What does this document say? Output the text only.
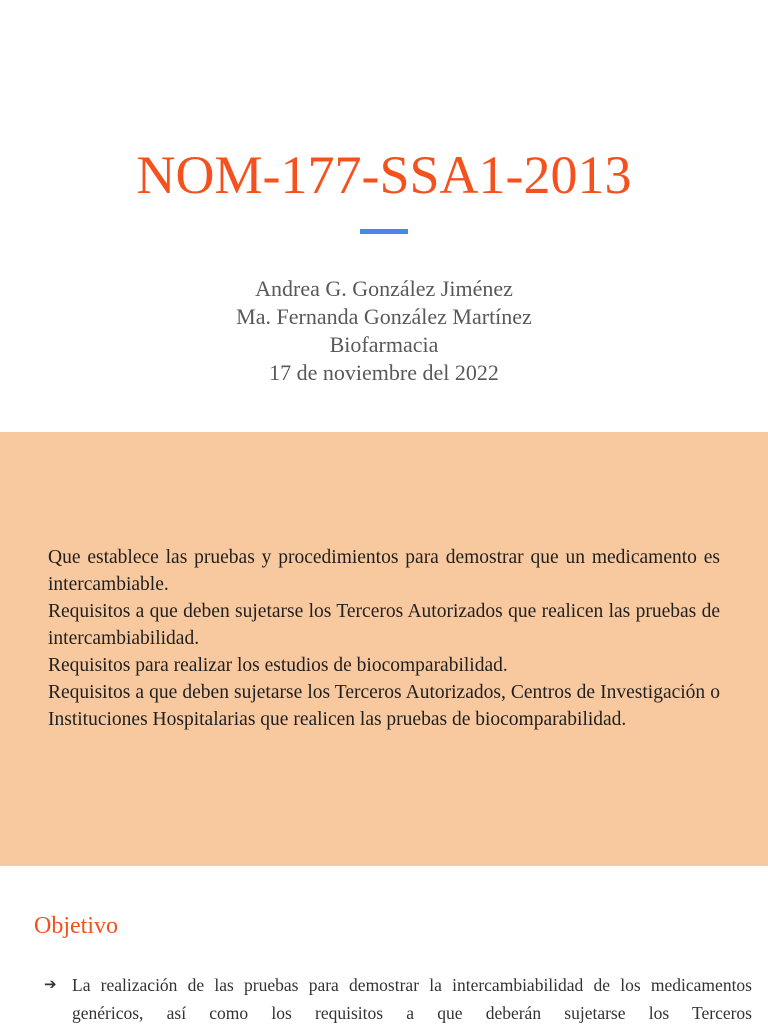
NOM-177-SSA1-2013
Andrea G. González Jiménez
Ma. Fernanda González Martínez
Biofarmacia
17 de noviembre del 2022

Que establece las pruebas y procedimientos para demostrar que un medicamento es intercambiable.

Requisitos a que deben sujetarse los Terceros Autorizados que realicen las pruebas de intercambiabilidad.

Requisitos para realizar los estudios de biocomparabilidad.

Requisitos a que deben sujetarse los Terceros Autorizados, Centros de Investigación o Instituciones Hospitalarias que realicen las pruebas de biocomparabilidad.

Objetivo
➔ La realización de las pruebas para demostrar la intercambiabilidad de los medicamentos genéricos, así como los requisitos a que deberán sujetarse los Terceros
